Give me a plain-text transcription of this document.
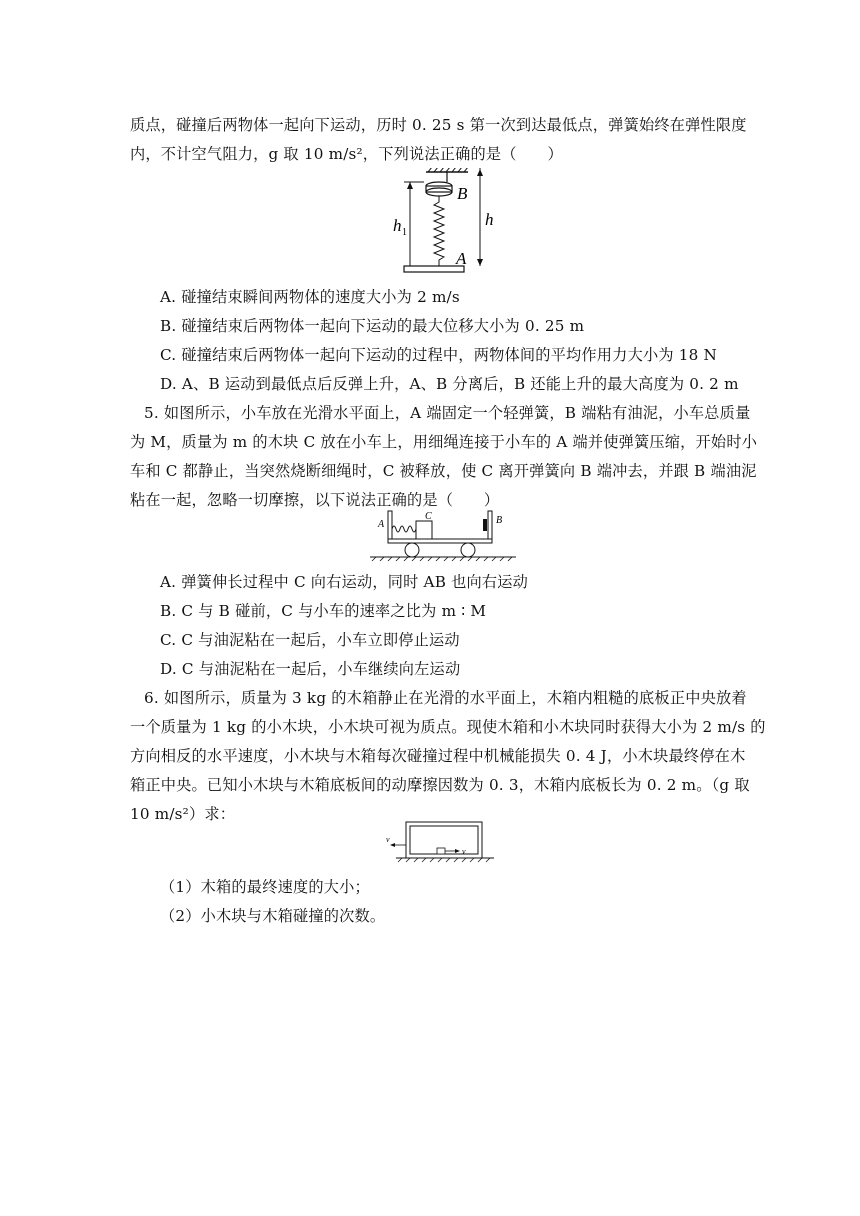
质点，碰撞后两物体一起向下运动，历时 0. 25 s 第一次到达最低点，弹簧始终在弹性限度
内，不计空气阻力，g 取 10 m/s²，下列说法正确的是（　　）
B
A
h 1
h
A. 碰撞结束瞬间两物体的速度大小为 2 m/s
B. 碰撞结束后两物体一起向下运动的最大位移大小为 0. 25 m
C. 碰撞结束后两物体一起向下运动的过程中，两物体间的平均作用力大小为 18 N
D. A、B 运动到最低点后反弹上升，A、B 分离后，B 还能上升的最大高度为 0. 2 m
5. 如图所示，小车放在光滑水平面上，A 端固定一个轻弹簧，B 端粘有油泥，小车总质量
为 M，质量为 m 的木块 C 放在小车上，用细绳连接于小车的 A 端并使弹簧压缩，开始时小
车和 C 都静止，当突然烧断细绳时，C 被释放，使 C 离开弹簧向 B 端冲去，并跟 B 端油泥
粘在一起，忽略一切摩擦，以下说法正确的是（　　）
A	B
C
A. 弹簧伸长过程中 C 向右运动，同时 AB 也向右运动
B. C 与 B 碰前，C 与小车的速率之比为 m ∶ M
C. C 与油泥粘在一起后，小车立即停止运动
D. C 与油泥粘在一起后，小车继续向左运动
6. 如图所示，质量为 3 kg 的木箱静止在光滑的水平面上，木箱内粗糙的底板正中央放着
一个质量为 1 kg 的小木块，小木块可视为质点。现使木箱和小木块同时获得大小为 2 m/s 的
方向相反的水平速度，小木块与木箱每次碰撞过程中机械能损失 0. 4 J，小木块最终停在木
箱正中央。已知小木块与木箱底板间的动摩擦因数为 0. 3，木箱内底板长为 0. 2 m。（g 取
10 m/s²）求：
v
v
（1）木箱的最终速度的大小；
（2）小木块与木箱碰撞的次数。
